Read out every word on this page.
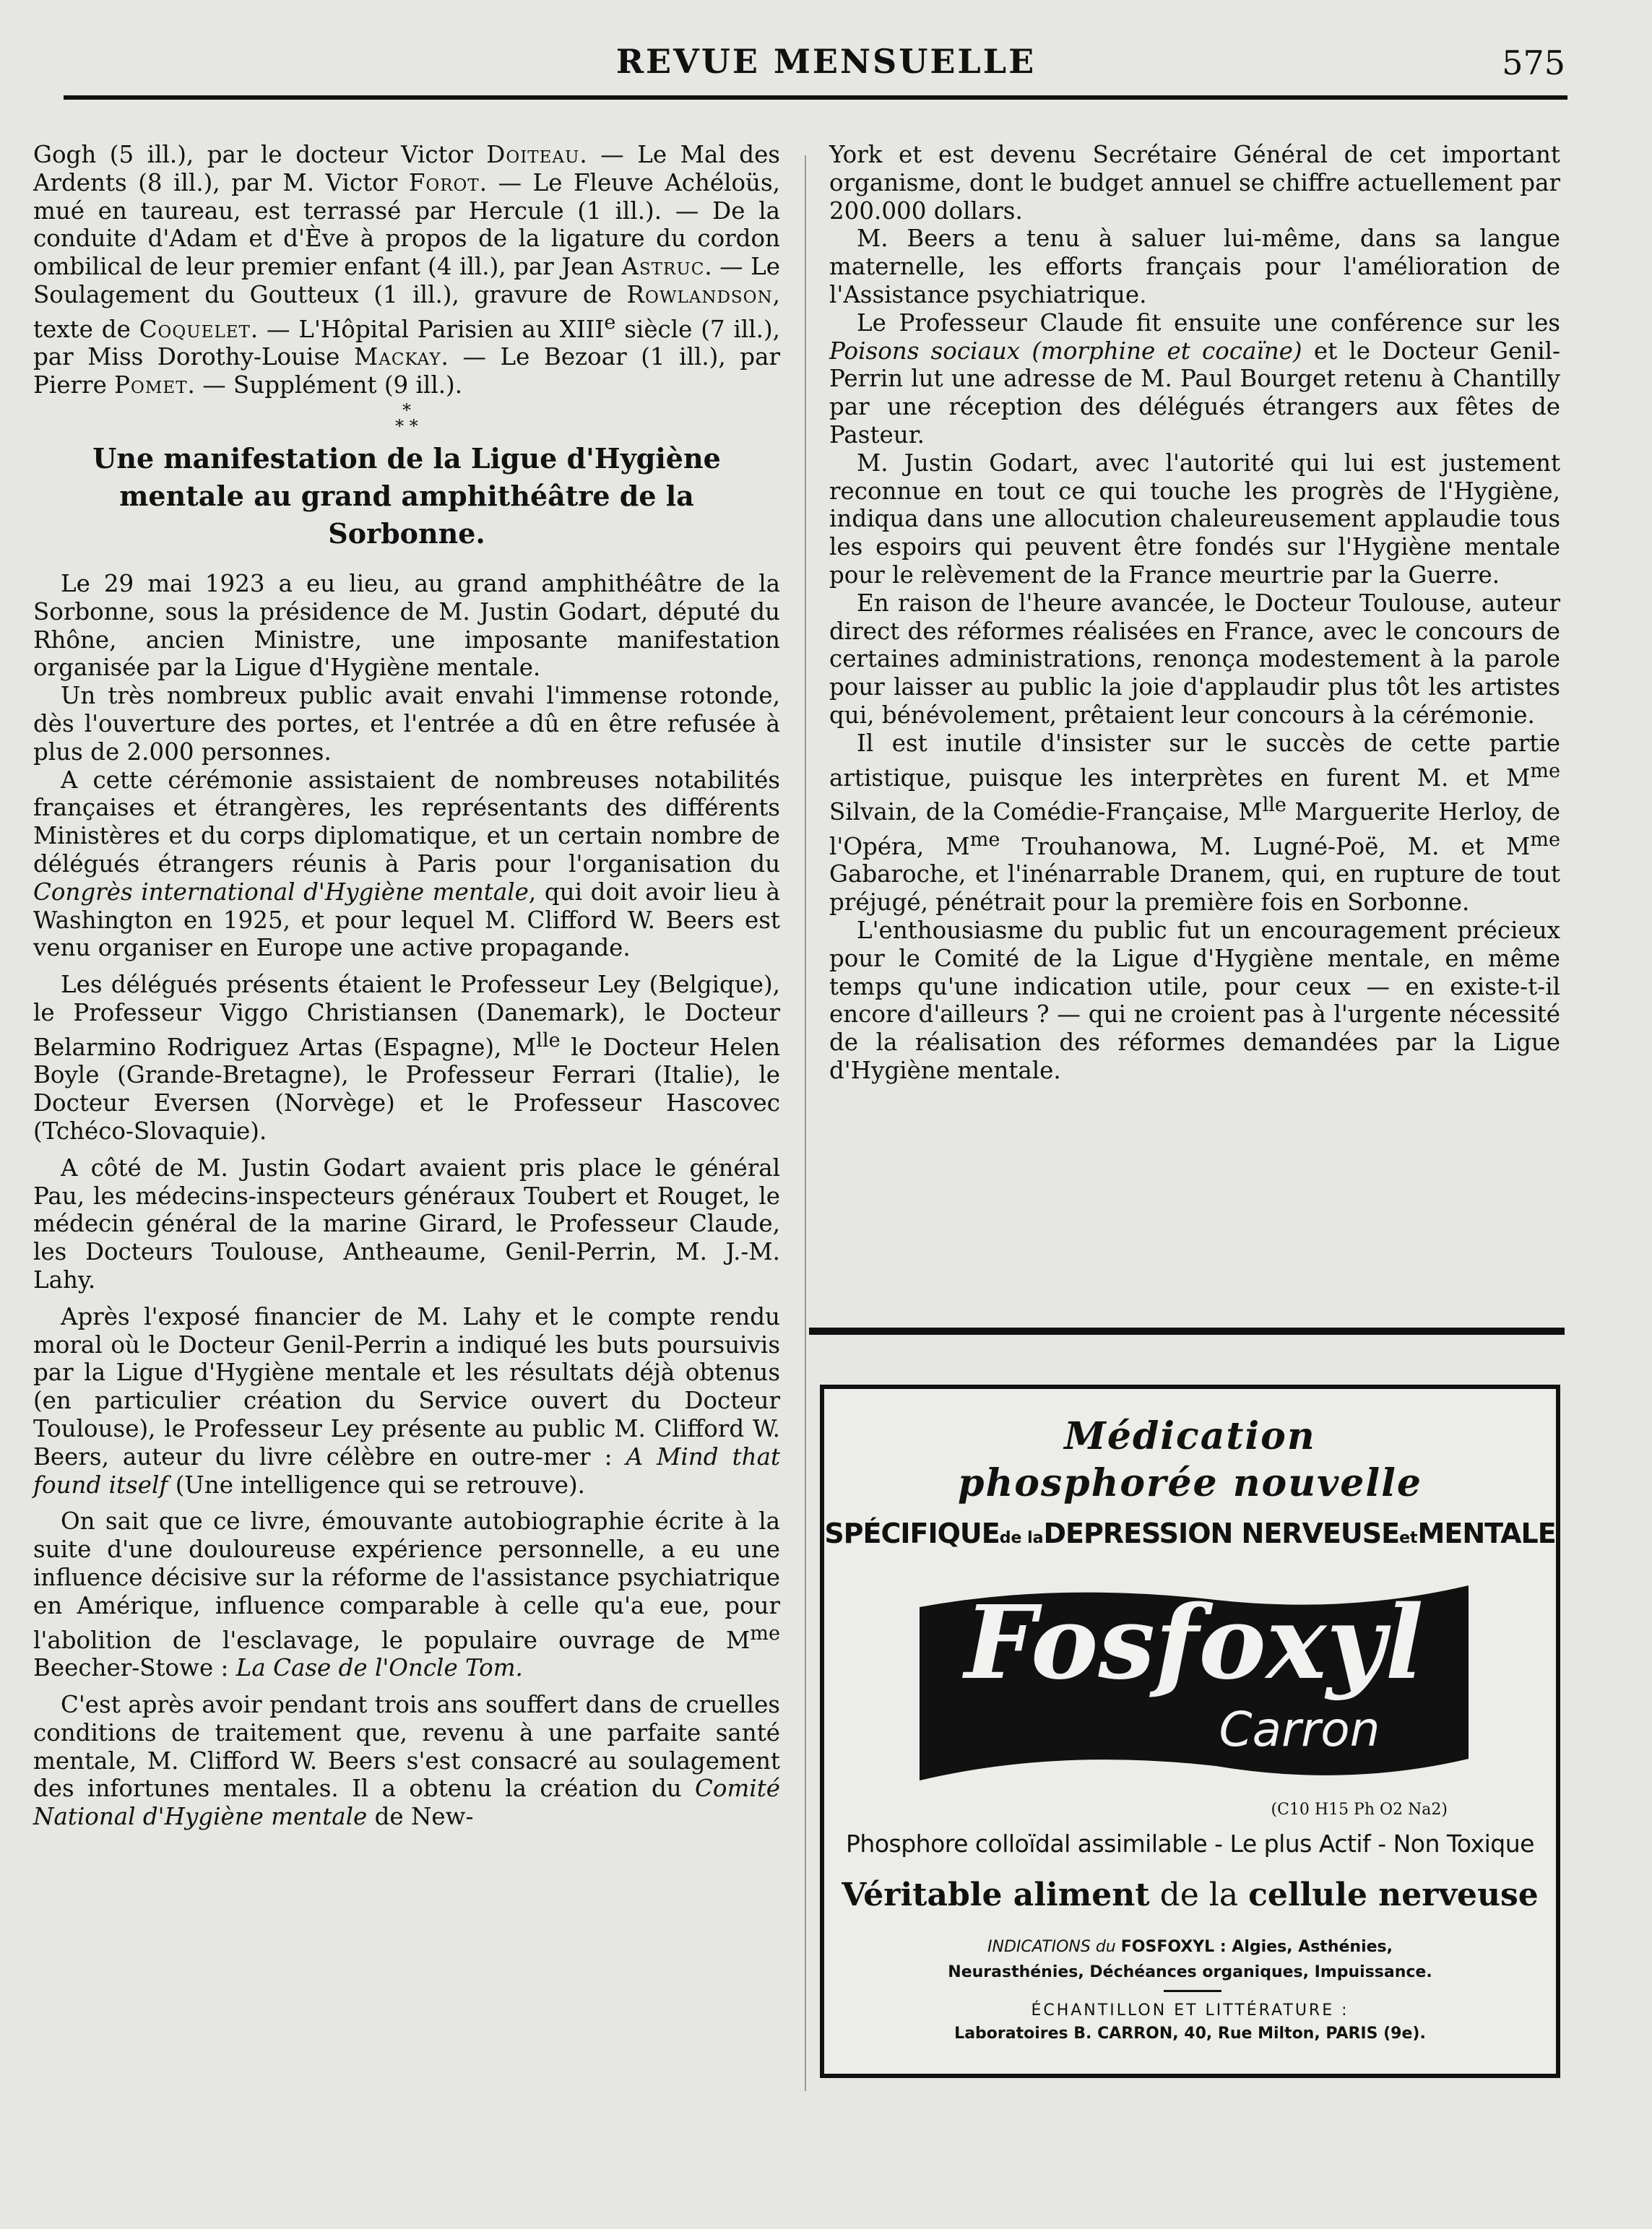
REVUE MENSUELLE	575

Gogh (5 ill.), par le docteur Victor Doiteau. — Le Mal des Ardents (8 ill.), par M. Victor Forot. — Le Fleuve Achéloüs, mué en taureau, est terrassé par Hercule (1 ill.). — De la conduite d'Adam et d'Ève à propos de la ligature du cordon ombilical de leur premier enfant (4 ill.), par Jean Astruc. — Le Soulagement du Goutteux (1 ill.), gravure de Rowlandson, texte de Coquelet. — L'Hôpital Parisien au XIIIe siècle (7 ill.), par Miss Dorothy-Louise Mackay. — Le Bezoar (1 ill.), par Pierre Pomet. — Supplément (9 ill.).

*
* *
Une manifestation de la Ligue d'Hygiène mentale au grand amphithéâtre de la Sorbonne.

Le 29 mai 1923 a eu lieu, au grand amphithéâtre de la Sorbonne, sous la présidence de M. Justin Godart, député du Rhône, ancien Ministre, une imposante manifestation organisée par la Ligue d'Hygiène mentale.

Un très nombreux public avait envahi l'immense rotonde, dès l'ouverture des portes, et l'entrée a dû en être refusée à plus de 2.000 personnes.

A cette cérémonie assistaient de nombreuses notabilités françaises et étrangères, les représentants des différents Ministères et du corps diplomatique, et un certain nombre de délégués étrangers réunis à Paris pour l'organisation du Congrès international d'Hygiène mentale, qui doit avoir lieu à Washington en 1925, et pour lequel M. Clifford W. Beers est venu organiser en Europe une active propagande.

Les délégués présents étaient le Professeur Ley (Belgique), le Professeur Viggo Christiansen (Danemark), le Docteur Belarmino Rodriguez Artas (Espagne), $M^{lle}$ le Docteur Helen Boyle (Grande-Bretagne), le Professeur Ferrari (Italie), le Docteur Eversen (Norvège) et le Professeur Hascovec (Tchéco-Slovaquie).

A côté de M. Justin Godart avaient pris place le général Pau, les médecins-inspecteurs généraux Toubert et Rouget, le médecin général de la marine Girard, le Professeur Claude, les Docteurs Toulouse, Antheaume, Genil-Perrin, M. J.-M. Lahy.

Après l'exposé financier de M. Lahy et le compte rendu moral où le Docteur Genil-Perrin a indiqué les buts poursuivis par la Ligue d'Hygiène mentale et les résultats déjà obtenus (en particulier création du Service ouvert du Docteur Toulouse), le Professeur Ley présente au public M. Clifford W. Beers, auteur du livre célèbre en outre-mer : A Mind that found itself (Une intelligence qui se retrouve).

On sait que ce livre, émouvante autobiographie écrite à la suite d'une douloureuse expérience personnelle, a eu une influence décisive sur la réforme de l'assistance psychiatrique en Amérique, influence comparable à celle qu'a eue, pour l'abolition de l'esclavage, le populaire ouvrage de $M^{me}$ Beecher-Stowe : La Case de l'Oncle Tom.

C'est après avoir pendant trois ans souffert dans de cruelles conditions de traitement que, revenu à une parfaite santé mentale, M. Clifford W. Beers s'est consacré au soulagement des infortunes mentales. Il a obtenu la création du Comité National d'Hygiène mentale de New-

York et est devenu Secrétaire Général de cet important organisme, dont le budget annuel se chiffre actuellement par 200.000 dollars.

M. Beers a tenu à saluer lui-même, dans sa langue maternelle, les efforts français pour l'amélioration de l'Assistance psychiatrique.

Le Professeur Claude fit ensuite une conférence sur les Poisons sociaux (morphine et cocaïne) et le Docteur Genil-Perrin lut une adresse de M. Paul Bourget retenu à Chantilly par une réception des délégués étrangers aux fêtes de Pasteur.

M. Justin Godart, avec l'autorité qui lui est justement reconnue en tout ce qui touche les progrès de l'Hygiène, indiqua dans une allocution chaleureusement applaudie tous les espoirs qui peuvent être fondés sur l'Hygiène mentale pour le relèvement de la France meurtrie par la Guerre.

En raison de l'heure avancée, le Docteur Toulouse, auteur direct des réformes réalisées en France, avec le concours de certaines administrations, renonça modestement à la parole pour laisser au public la joie d'applaudir plus tôt les artistes qui, bénévolement, prêtaient leur concours à la cérémonie.

Il est inutile d'insister sur le succès de cette partie artistique, puisque les interprètes en furent M. et $M^{me}$ Silvain, de la Comédie-Française, $M^{lle}$ Marguerite Herloy, de l'Opéra, $M^{me}$ Trouhanowa, M. Lugné-Poë, M. et $M^{me}$ Gabaroche, et l'inénarrable Dranem, qui, en rupture de tout préjugé, pénétrait pour la première fois en Sorbonne.

L'enthousiasme du public fut un encouragement précieux pour le Comité de la Ligue d'Hygiène mentale, en même temps qu'une indication utile, pour ceux — en existe-t-il encore d'ailleurs ? — qui ne croient pas à l'urgente nécessité de la réalisation des réformes demandées par la Ligue d'Hygiène mentale.

Médication
phosphorée nouvelle
SPÉCIFIQUEde laDEPRESSION NERVEUSEetMENTALE
Fosfoxyl
Carron
(C10 H15 Ph O2 Na2)
Phosphore colloïdal assimilable - Le plus Actif - Non Toxique
Véritable aliment de la cellule nerveuse
INDICATIONS du FOSFOXYL : Algies, Asthénies,
Neurasthénies, Déchéances organiques, Impuissance.
ÉCHANTILLON ET LITTÉRATURE :
Laboratoires B. CARRON, 40, Rue Milton, PARIS (9e).
